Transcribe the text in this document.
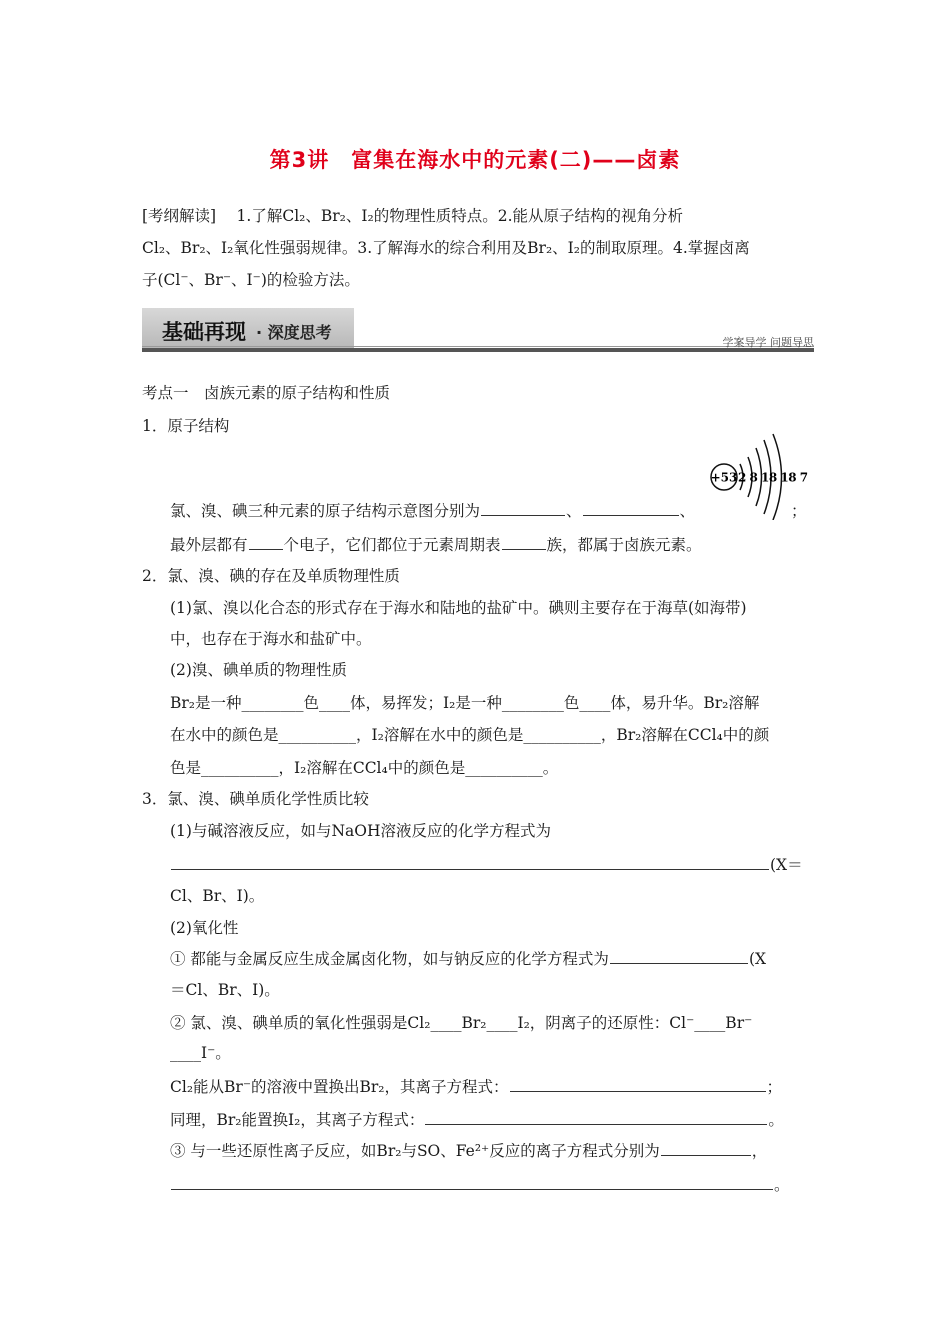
第3讲　富集在海水中的元素(二)——卤素
[考纲解读]　 1.了解Cl₂、Br₂、I₂的物理性质特点。2.能从原子结构的视角分析
Cl₂、Br₂、I₂氧化性强弱规律。3.了解海水的综合利用及Br₂、I₂的制取原理。4.掌握卤离
子(Cl⁻、Br⁻、I⁻)的检验方法。
基础再现 · 深度思考
学案导学 问题导思
考点一　卤族元素的原子结构和性质
1．原子结构
+53 2 8 18 18 7
氯、溴、碘三种元素的原子结构示意图分别为	、	、	；
最外层都有 个电子，它们都位于元素周期表	族，都属于卤族元素。
2．氯、溴、碘的存在及单质物理性质
(1)氯、溴以化合态的形式存在于海水和陆地的盐矿中。碘则主要存在于海草(如海带)
中，也存在于海水和盐矿中。
(2)溴、碘单质的物理性质
Br₂是一种________色____体，易挥发；I₂是一种________色____体，易升华。Br₂溶解
在水中的颜色是__________，I₂溶解在水中的颜色是__________，Br₂溶解在CCl₄中的颜
色是__________，I₂溶解在CCl₄中的颜色是__________。
3．氯、溴、碘单质化学性质比较
(1)与碱溶液反应，如与NaOH溶液反应的化学方程式为
(X＝
Cl、Br、I)。
(2)氧化性
① 都能与金属反应生成金属卤化物，如与钠反应的化学方程式为	(X
＝Cl、Br、I)。
② 氯、溴、碘单质的氧化性强弱是Cl₂____Br₂____I₂，阴离子的还原性：Cl⁻____Br⁻
____I⁻。
Cl₂能从Br⁻的溶液中置换出Br₂，其离子方程式：	；
同理，Br₂能置换I₂，其离子方程式：	。
③ 与一些还原性离子反应，如Br₂与SO、Fe²⁺反应的离子方程式分别为	，
。
